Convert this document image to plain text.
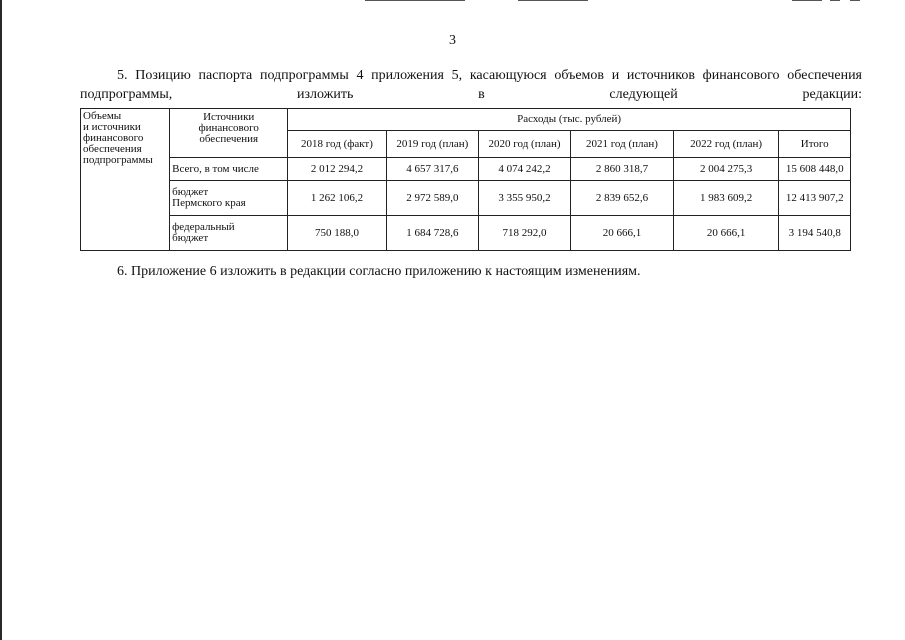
3
5. Позицию паспорта подпрограммы 4 приложения 5, касающуюся объемов и источников финансового обеспечения подпрограммы, изложить в следующей редакции:
Объемы
и источники
финансового
обеспечения
подпрограммы	Источники
финансового
обеспечения	Расходы (тыс. рублей)					
		2018 год (факт)	2019 год (план)	2020 год (план)	2021 год (план)	2022 год (план)	Итого
	Всего, в том числе	2 012 294,2	4 657 317,6	4 074 242,2	2 860 318,7	2 004 275,3	15 608 448,0
	бюджет
Пермского края	1 262 106,2	2 972 589,0	3 355 950,2	2 839 652,6	1 983 609,2	12 413 907,2
	федеральный
бюджет	750 188,0	1 684 728,6	718 292,0	20 666,1	20 666,1	3 194 540,8
6. Приложение 6 изложить в редакции согласно приложению к настоящим изменениям.
